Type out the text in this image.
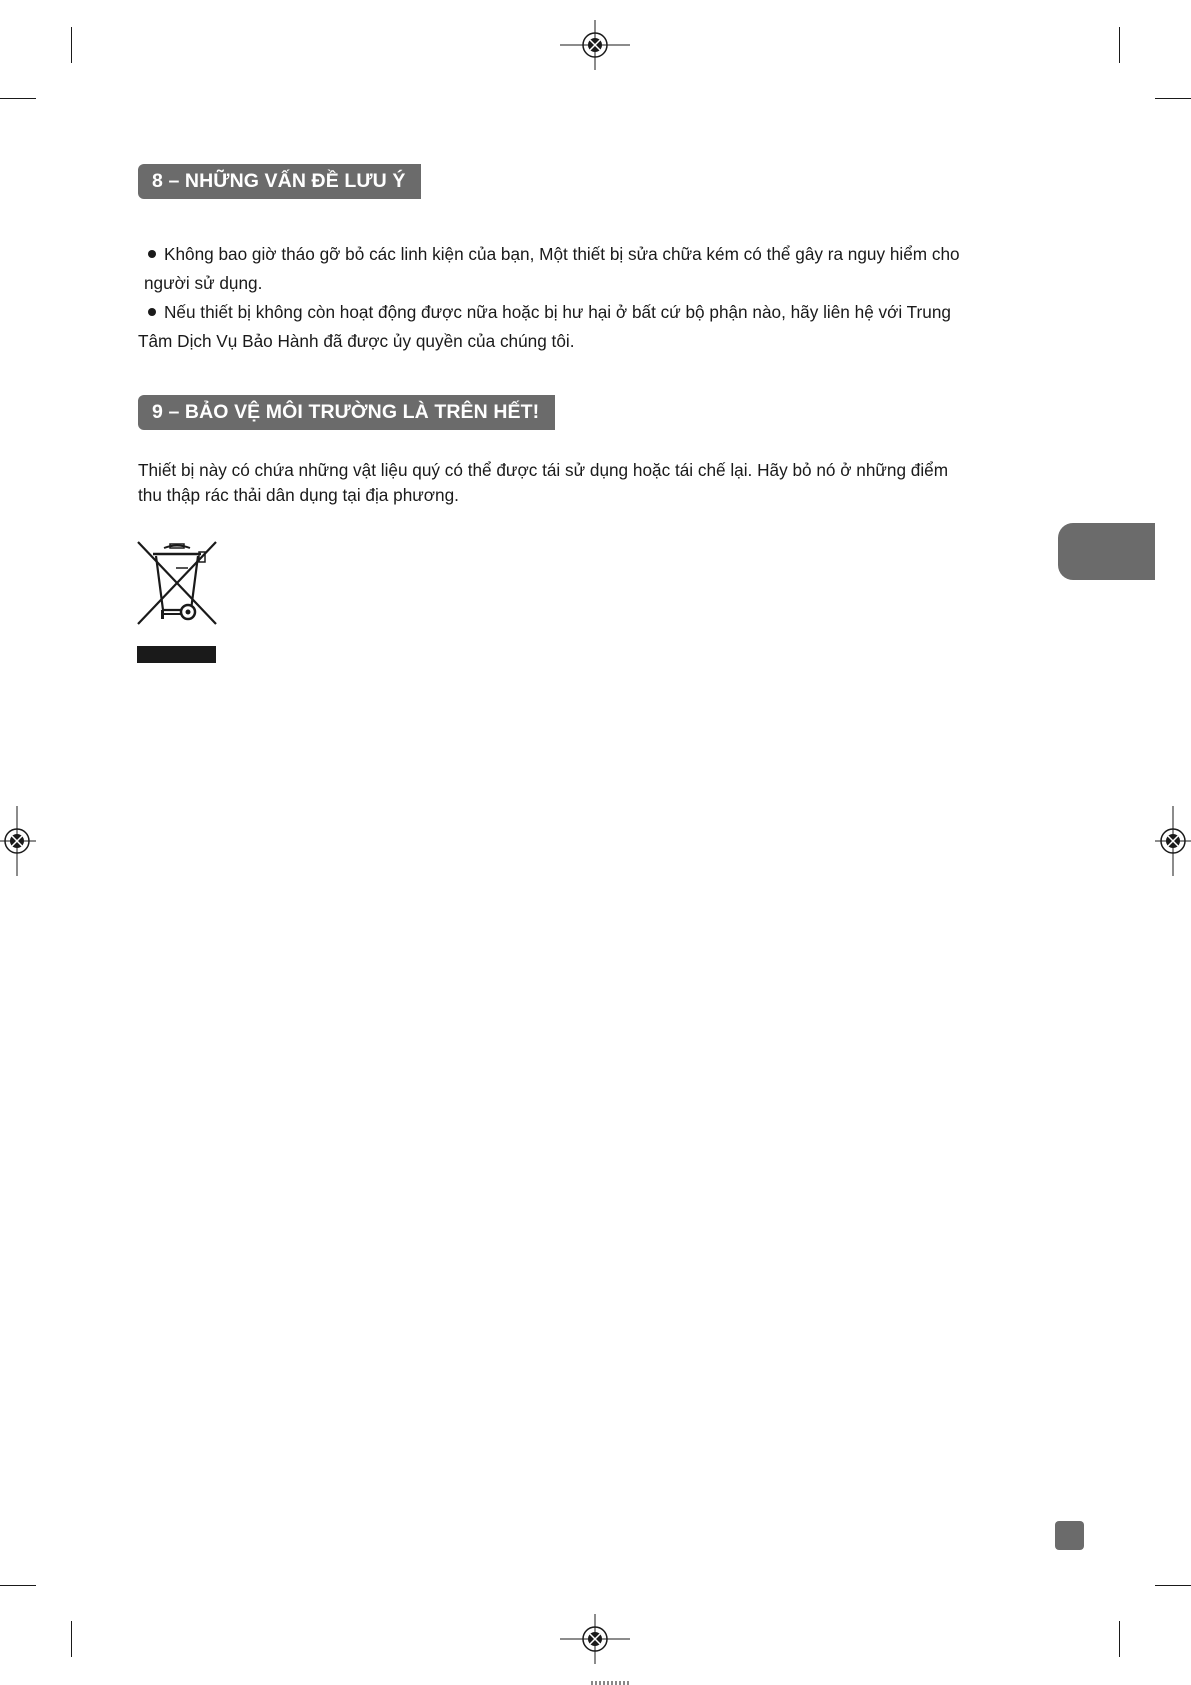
8 – NHỮNG VẤN ĐỀ LƯU Ý
Không bao giờ tháo gỡ bỏ các linh kiện của bạn, Một thiết bị sửa chữa kém có thể gây ra nguy hiểm cho
người sử dụng.
Nếu thiết bị không còn hoạt động được nữa hoặc bị hư hại ở bất cứ bộ phận nào, hãy liên hệ với Trung
Tâm Dịch Vụ Bảo Hành đã được ủy quyền của chúng tôi.
9 – BẢO VỆ MÔI TRƯỜNG LÀ TRÊN HẾT!
Thiết bị này có chứa những vật liệu quý có thể được tái sử dụng hoặc tái chế lại. Hãy bỏ nó ở những điểm
thu thập rác thải dân dụng tại địa phương.
